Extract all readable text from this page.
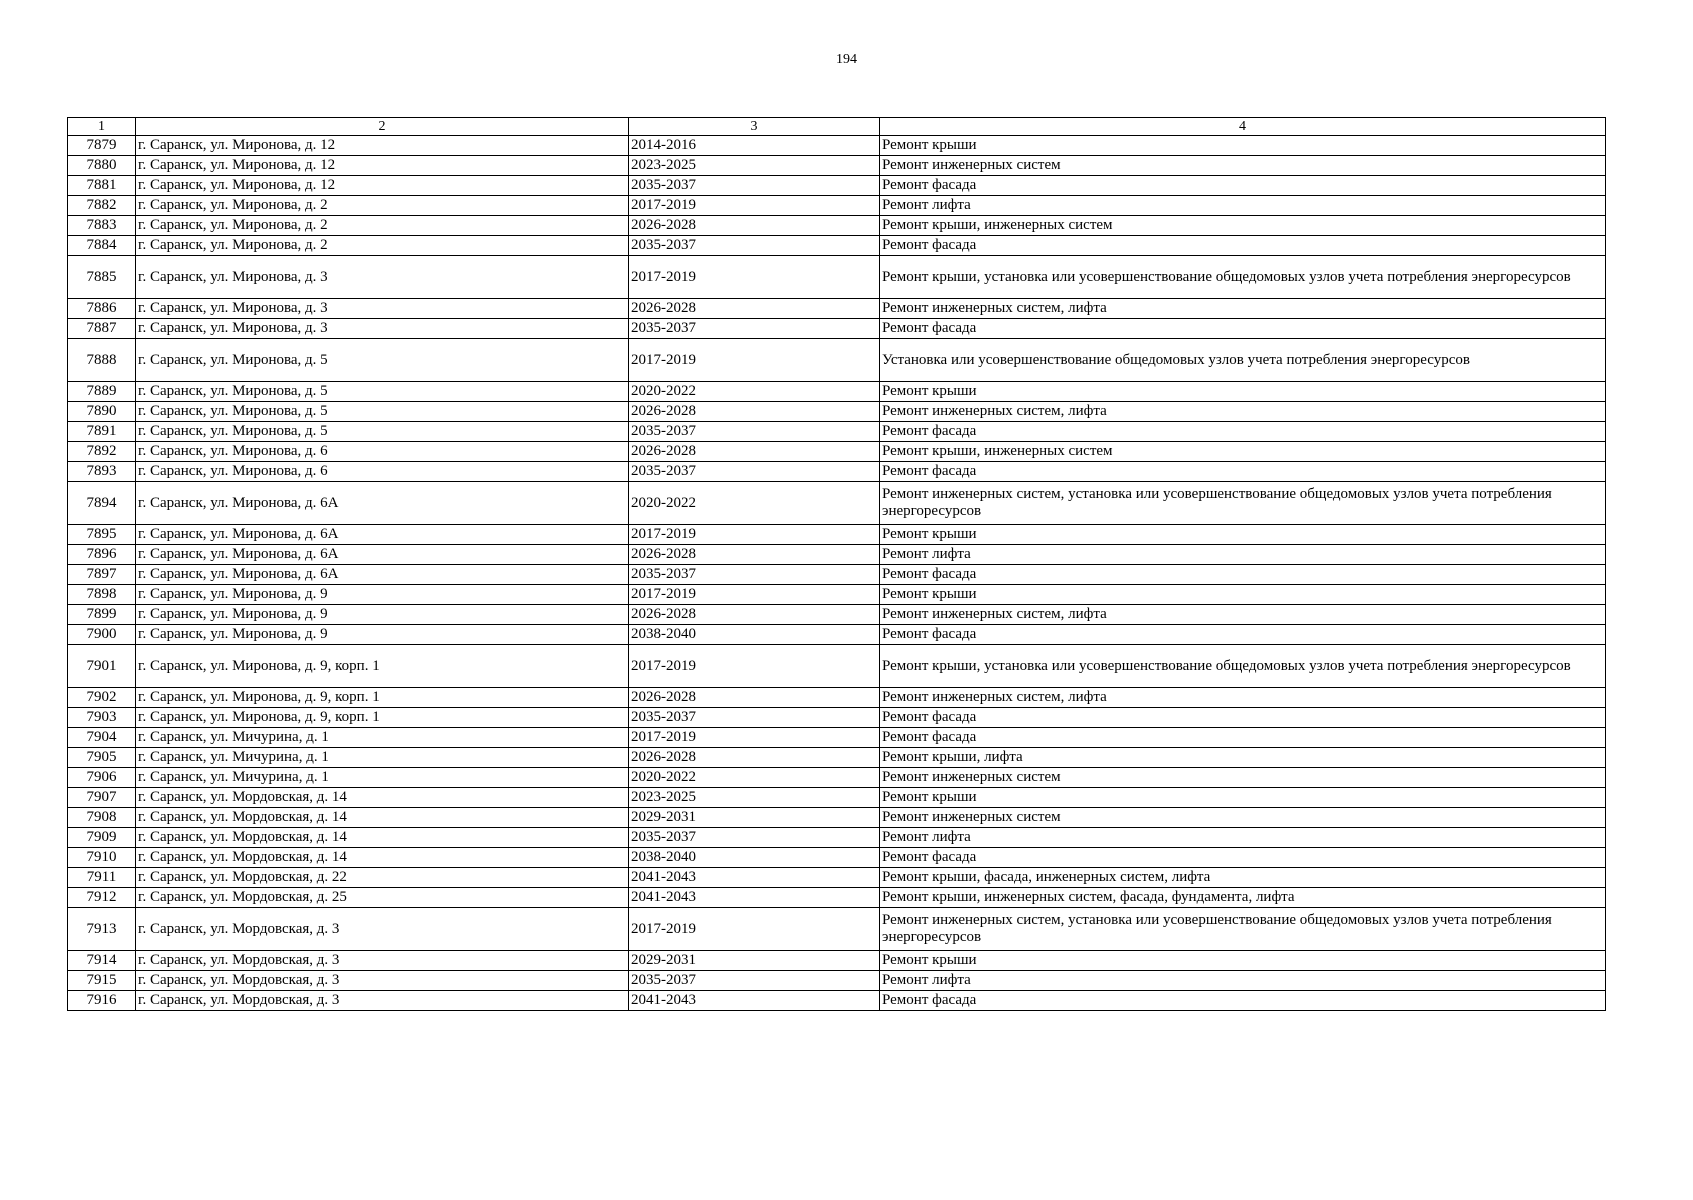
194
1	2	3	4
7879	г. Саранск, ул. Миронова, д. 12	2014-2016	Ремонт крыши
7880	г. Саранск, ул. Миронова, д. 12	2023-2025	Ремонт инженерных систем
7881	г. Саранск, ул. Миронова, д. 12	2035-2037	Ремонт фасада
7882	г. Саранск, ул. Миронова, д. 2	2017-2019	Ремонт лифта
7883	г. Саранск, ул. Миронова, д. 2	2026-2028	Ремонт крыши, инженерных систем
7884	г. Саранск, ул. Миронова, д. 2	2035-2037	Ремонт фасада
7885	г. Саранск, ул. Миронова, д. 3	2017-2019	Ремонт крыши, установка или усовершенствование общедомовых узлов учета потребления энергоресурсов
7886	г. Саранск, ул. Миронова, д. 3	2026-2028	Ремонт инженерных систем, лифта
7887	г. Саранск, ул. Миронова, д. 3	2035-2037	Ремонт фасада
7888	г. Саранск, ул. Миронова, д. 5	2017-2019	Установка или усовершенствование общедомовых узлов учета потребления энергоресурсов
7889	г. Саранск, ул. Миронова, д. 5	2020-2022	Ремонт крыши
7890	г. Саранск, ул. Миронова, д. 5	2026-2028	Ремонт инженерных систем, лифта
7891	г. Саранск, ул. Миронова, д. 5	2035-2037	Ремонт фасада
7892	г. Саранск, ул. Миронова, д. 6	2026-2028	Ремонт крыши, инженерных систем
7893	г. Саранск, ул. Миронова, д. 6	2035-2037	Ремонт фасада
7894	г. Саранск, ул. Миронова, д. 6А	2020-2022	Ремонт инженерных систем, установка или усовершенствование общедомовых узлов учета потребления энергоресурсов
7895	г. Саранск, ул. Миронова, д. 6А	2017-2019	Ремонт крыши
7896	г. Саранск, ул. Миронова, д. 6А	2026-2028	Ремонт лифта
7897	г. Саранск, ул. Миронова, д. 6А	2035-2037	Ремонт фасада
7898	г. Саранск, ул. Миронова, д. 9	2017-2019	Ремонт крыши
7899	г. Саранск, ул. Миронова, д. 9	2026-2028	Ремонт инженерных систем, лифта
7900	г. Саранск, ул. Миронова, д. 9	2038-2040	Ремонт фасада
7901	г. Саранск, ул. Миронова, д. 9, корп. 1	2017-2019	Ремонт крыши, установка или усовершенствование общедомовых узлов учета потребления энергоресурсов
7902	г. Саранск, ул. Миронова, д. 9, корп. 1	2026-2028	Ремонт инженерных систем, лифта
7903	г. Саранск, ул. Миронова, д. 9, корп. 1	2035-2037	Ремонт фасада
7904	г. Саранск, ул. Мичурина, д. 1	2017-2019	Ремонт фасада
7905	г. Саранск, ул. Мичурина, д. 1	2026-2028	Ремонт крыши, лифта
7906	г. Саранск, ул. Мичурина, д. 1	2020-2022	Ремонт инженерных систем
7907	г. Саранск, ул. Мордовская, д. 14	2023-2025	Ремонт крыши
7908	г. Саранск, ул. Мордовская, д. 14	2029-2031	Ремонт инженерных систем
7909	г. Саранск, ул. Мордовская, д. 14	2035-2037	Ремонт лифта
7910	г. Саранск, ул. Мордовская, д. 14	2038-2040	Ремонт фасада
7911	г. Саранск, ул. Мордовская, д. 22	2041-2043	Ремонт крыши, фасада, инженерных систем, лифта
7912	г. Саранск, ул. Мордовская, д. 25	2041-2043	Ремонт крыши, инженерных систем, фасада, фундамента, лифта
7913	г. Саранск, ул. Мордовская, д. 3	2017-2019	Ремонт инженерных систем, установка или усовершенствование общедомовых узлов учета потребления энергоресурсов
7914	г. Саранск, ул. Мордовская, д. 3	2029-2031	Ремонт крыши
7915	г. Саранск, ул. Мордовская, д. 3	2035-2037	Ремонт лифта
7916	г. Саранск, ул. Мордовская, д. 3	2041-2043	Ремонт фасада
